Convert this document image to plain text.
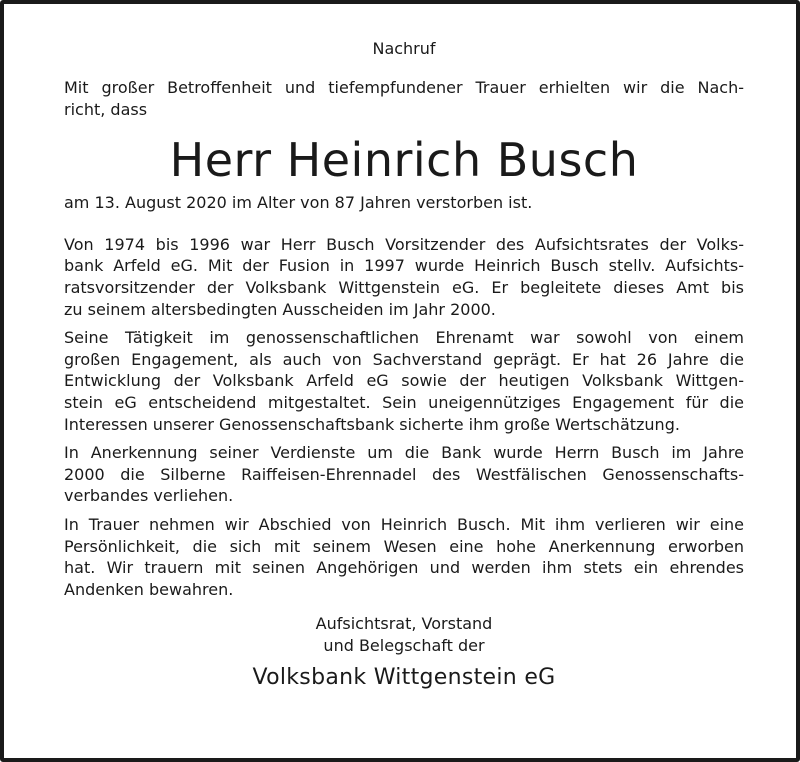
Nachruf

Mit großer Betroffenheit und tiefempfundener Trauer erhielten wir die Nach-

richt, dass

Herr Heinrich Busch

am 13. August 2020 im Alter von 87 Jahren verstorben ist.

Von 1974 bis 1996 war Herr Busch Vorsitzender des Aufsichtsrates der Volks-

bank Arfeld eG. Mit der Fusion in 1997 wurde Heinrich Busch stellv. Aufsichts-

ratsvorsitzender der Volksbank Wittgenstein eG. Er begleitete dieses Amt bis

zu seinem altersbedingten Ausscheiden im Jahr 2000.

Seine Tätigkeit im genossenschaftlichen Ehrenamt war sowohl von einem

großen Engagement, als auch von Sachverstand geprägt. Er hat 26 Jahre die

Entwicklung der Volksbank Arfeld eG sowie der heutigen Volksbank Wittgen-

stein eG entscheidend mitgestaltet. Sein uneigennütziges Engagement für die

Interessen unserer Genossenschaftsbank sicherte ihm große Wertschätzung.

In Anerkennung seiner Verdienste um die Bank wurde Herrn Busch im Jahre

2000 die Silberne Raiffeisen-Ehrennadel des Westfälischen Genossenschafts-

verbandes verliehen.

In Trauer nehmen wir Abschied von Heinrich Busch. Mit ihm verlieren wir eine

Persönlichkeit, die sich mit seinem Wesen eine hohe Anerkennung erworben

hat. Wir trauern mit seinen Angehörigen und werden ihm stets ein ehrendes

Andenken bewahren.

Aufsichtsrat, Vorstand
und Belegschaft der
Volksbank Wittgenstein eG
